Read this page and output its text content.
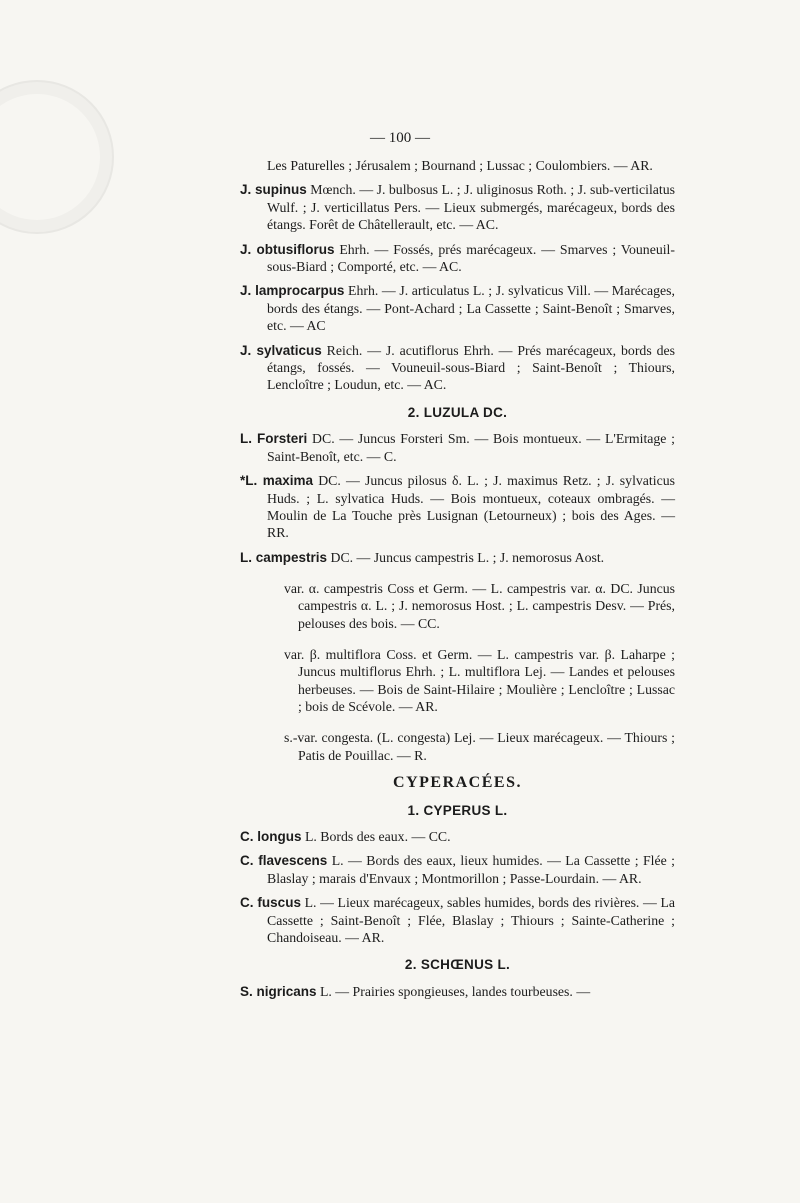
— 100 —

Les Paturelles ; Jérusalem ; Bournand ; Lussac ; Coulombiers. — AR.

J. supinus Mœnch. — J. bulbosus L. ; J. uliginosus Roth. ; J. sub-verticilatus Wulf. ; J. verticillatus Pers. — Lieux submergés, marécageux, bords des étangs. Forêt de Châtellerault, etc. — AC.

J. obtusiflorus Ehrh. — Fossés, prés marécageux. — Smarves ; Vouneuil-sous-Biard ; Comporté, etc. — AC.

J. lamprocarpus Ehrh. — J. articulatus L. ; J. sylvaticus Vill. — Marécages, bords des étangs. — Pont-Achard ; La Cassette ; Saint-Benoît ; Smarves, etc. — AC

J. sylvaticus Reich. — J. acutiflorus Ehrh. — Prés marécageux, bords des étangs, fossés. — Vouneuil-sous-Biard ; Saint-Benoît ; Thiours, Lencloître ; Loudun, etc. — AC.

2. LUZULA DC.

L. Forsteri DC. — Juncus Forsteri Sm. — Bois montueux. — L'Ermitage ; Saint-Benoît, etc. — C.

*L. maxima DC. — Juncus pilosus δ. L. ; J. maximus Retz. ; J. sylvaticus Huds. ; L. sylvatica Huds. — Bois montueux, coteaux ombragés. — Moulin de La Touche près Lusignan (Letourneux) ; bois des Ages. — RR.

L. campestris DC. — Juncus campestris L. ; J. nemorosus Aost.

var. α. campestris Coss et Germ. — L. campestris var. α. DC. Juncus campestris α. L. ; J. nemorosus Host. ; L. campestris Desv. — Prés, pelouses des bois. — CC.

var. β. multiflora Coss. et Germ. — L. campestris var. β. Laharpe ; Juncus multiflorus Ehrh. ; L. multiflora Lej. — Landes et pelouses herbeuses. — Bois de Saint-Hilaire ; Moulière ; Lencloître ; Lussac ; bois de Scévole. — AR.

s.-var. congesta. (L. congesta) Lej. — Lieux marécageux. — Thiours ; Patis de Pouillac. — R.

CYPERACÉES.
1. CYPERUS L.

C. longus L. Bords des eaux. — CC.

C. flavescens L. — Bords des eaux, lieux humides. — La Cassette ; Flée ; Blaslay ; marais d'Envaux ; Montmorillon ; Passe-Lourdain. — AR.

C. fuscus L. — Lieux marécageux, sables humides, bords des rivières. — La Cassette ; Saint-Benoît ; Flée, Blaslay ; Thiours ; Sainte-Catherine ; Chandoiseau. — AR.

2. SCHŒNUS L.

S. nigricans L. — Prairies spongieuses, landes tourbeuses. —
